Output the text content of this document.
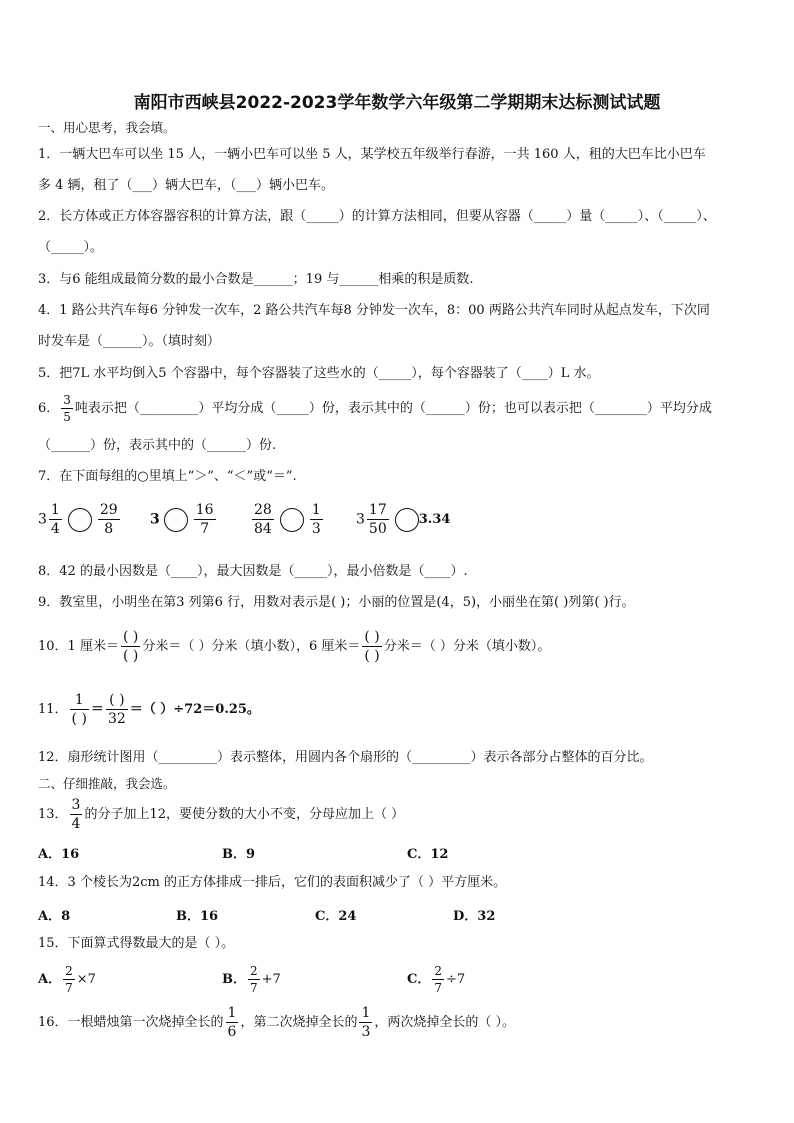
南阳市西峡县2022-2023学年数学六年级第二学期期末达标测试试题
一、用心思考，我会填。
1．一辆大巴车可以坐 15 人，一辆小巴车可以坐 5 人，某学校五年级举行春游，一共 160 人，租的大巴车比小巴车
多 4 辆，租了（___）辆大巴车，（___）辆小巴车。
2．长方体或正方体容器容积的计算方法，跟（_____）的计算方法相同，但要从容器（_____）量（_____）、（_____）、
（_____）。
3．与6 能组成最简分数的最小合数是______；19 与______相乘的积是质数.
4．1 路公共汽车每6 分钟发一次车，2 路公共汽车每8 分钟发一次车，8：00 两路公共汽车同时从起点发车，下次同
时发车是（______）。（填时刻）
5．把7L 水平均倒入5 个容器中，每个容器装了这些水的（_____），每个容器装了（____）L 水。
6． $\frac{3}{5}$ 吨表示把（_________）平均分成（_____）份，表示其中的（______）份；也可以表示把（________）平均分成
（______）份，表示其中的（______）份.
7．在下面每组的○里填上“＞”、“＜”或“＝”.
$3 \frac{1}{4}$	$\frac{29}{8} 3 \frac{16}{7}$	$\frac{28}{84}$	$\frac{1}{3} 3 \frac{17}{50} 3.34$
8．42 的最小因数是（____），最大因数是（_____），最小倍数是（____）.
9．教室里，小明坐在第3 列第6 行，用数对表示是( )；小丽的位置是(4，5)，小丽坐在第( )列第( )行。
10．1 厘米＝ $\frac{( )}{( )}$ 分米＝（ ）分米（填小数），6 厘米＝ $\frac{( )}{( )}$ 分米＝（ ）分米（填小数）。
11． $\frac{1}{( )} = \frac{( )}{32}$ ＝（ ）÷72＝0.25。
12．扇形统计图用（_________）表示整体，用圆内各个扇形的（_________）表示各部分占整体的百分比。
二、仔细推敲，我会选。
13． $\frac{3}{4}$ 的分子加上12，要使分数的大小不变，分母应加上（ ）
A．16	B．9	C．12
14．3 个棱长为2cm 的正方体排成一排后，它们的表面积减少了（ ）平方厘米。
A．8	B．16	C．24	D．32
15．下面算式得数最大的是（ ）。
A． $\frac{2}{7} \times 7$	B． $\frac{2}{7} +7$	C． $\frac{2}{7} \div 7$
16．一根蜡烛第一次烧掉全长的 $\frac{1}{6}$ ，第二次烧掉全长的 $\frac{1}{3}$ ，两次烧掉全长的（ ）。
